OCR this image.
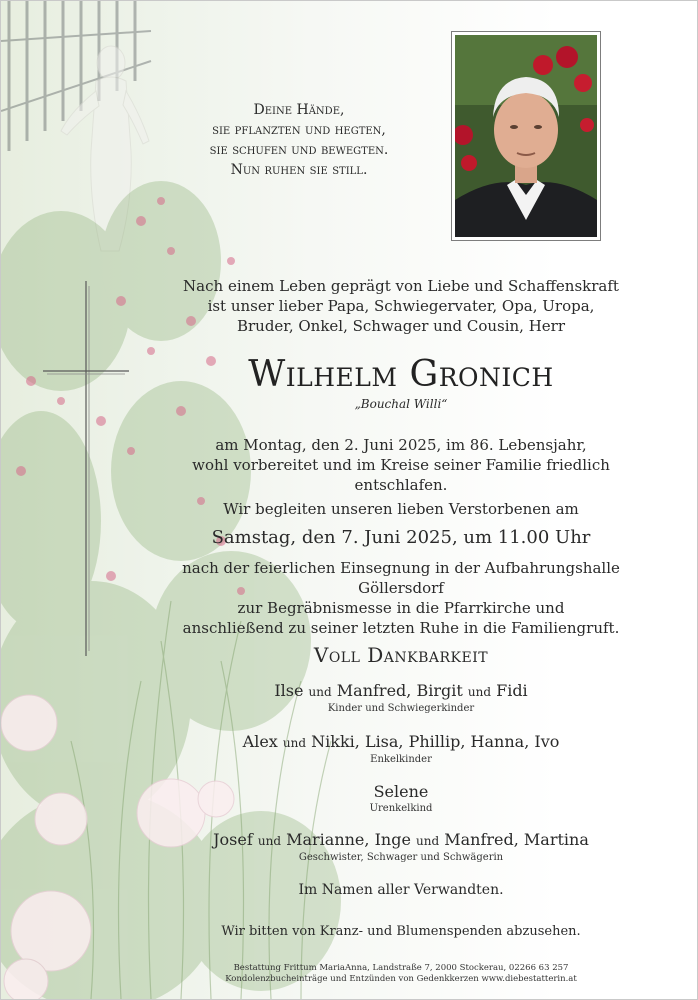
Deine Hände,
sie pflanzten und hegten,
sie schufen und bewegten.
Nun ruhen sie still.
Nach einem Leben geprägt von Liebe und Schaffenskraft
ist unser lieber Papa, Schwiegervater, Opa, Uropa,
Bruder, Onkel, Schwager und Cousin, Herr
Wilhelm Gronich
„Bouchal Willi“
am Montag, den 2. Juni 2025, im 86. Lebensjahr,
wohl vorbereitet und im Kreise seiner Familie friedlich entschlafen.
Wir begleiten unseren lieben Verstorbenen am
Samstag, den 7. Juni 2025, um 11.00 Uhr
nach der feierlichen Einsegnung in der Aufbahrungshalle Göllersdorf
zur Begräbnismesse in die Pfarrkirche und
anschließend zu seiner letzten Ruhe in die Familiengruft.
Voll Dankbarkeit
Ilse und Manfred, Birgit und Fidi
Kinder und Schwiegerkinder
Alex und Nikki, Lisa, Phillip, Hanna, Ivo
Enkelkinder
Selene
Urenkelkind
Josef und Marianne, Inge und Manfred, Martina
Geschwister, Schwager und Schwägerin
Im Namen aller Verwandten.
Wir bitten von Kranz- und Blumenspenden abzusehen.
Bestattung Frittum MariaAnna, Landstraße 7, 2000 Stockerau, 02266 63 257
Kondolenzbucheinträge und Entzünden von Gedenkkerzen www.diebestatterin.at
